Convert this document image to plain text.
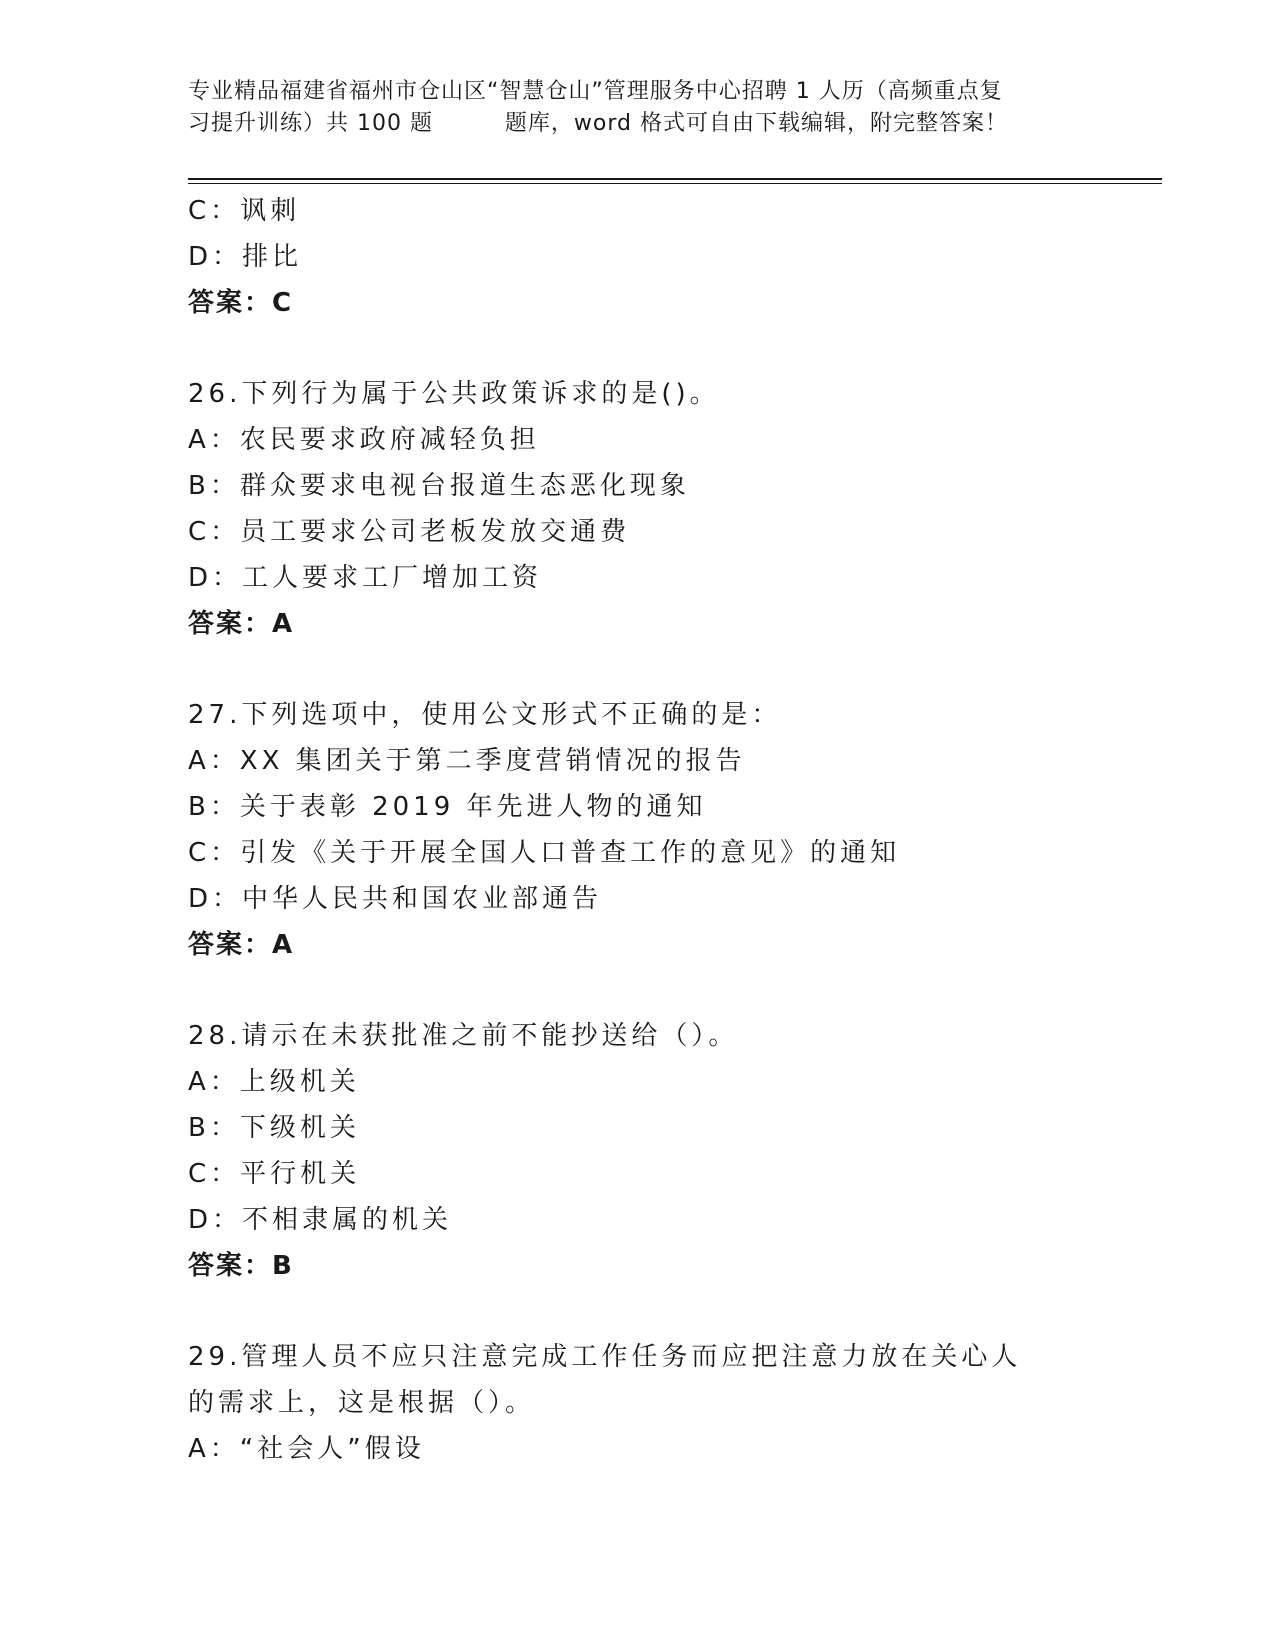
专业精品福建省福州市仓山区“智慧仓山”管理服务中心招聘 1 人历（高频重点复
习提升训练）共 100 题         题库，word 格式可自由下载编辑，附完整答案！
C：讽刺
D：排比
答案：C
26.下列行为属于公共政策诉求的是()。
A：农民要求政府减轻负担
B：群众要求电视台报道生态恶化现象
C：员工要求公司老板发放交通费
D：工人要求工厂增加工资
答案：A
27.下列选项中，使用公文形式不正确的是：
A：XX 集团关于第二季度营销情况的报告
B：关于表彰 2019 年先进人物的通知
C：引发《关于开展全国人口普查工作的意见》的通知
D：中华人民共和国农业部通告
答案：A
28.请示在未获批准之前不能抄送给（）。
A：上级机关
B：下级机关
C：平行机关
D：不相隶属的机关
答案：B
29.管理人员不应只注意完成工作任务而应把注意力放在关心人的需求上，这是根据（）。
A：“社会人”假设
